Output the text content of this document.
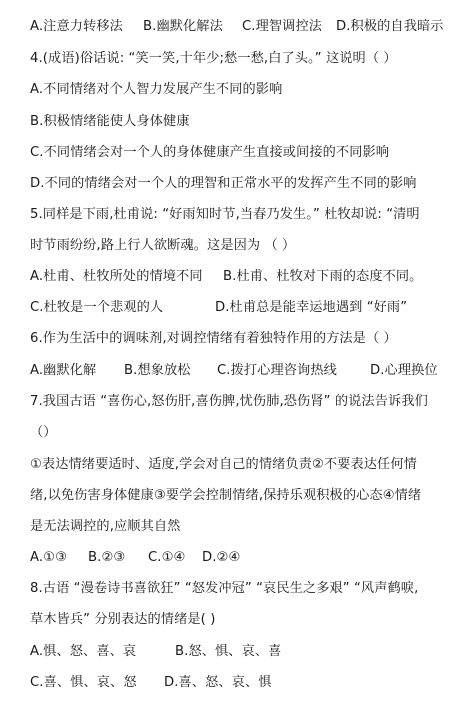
A.注意力转移法 B.幽默化解法 C.理智调控法 D.积极的自我暗示
4.(成语)俗话说: “笑一笑,十年少;愁一愁,白了头。” 这说明（ ）
A.不同情绪对个人智力发展产生不同的影响
B.积极情绪能使人身体健康
C.不同情绪会对一个人的身体健康产生直接或间接的不同影响
D.不同的情绪会对一个人的理智和正常水平的发挥产生不同的影响
5.同样是下雨,杜甫说: “好雨知时节,当春乃发生。” 杜牧却说: “清明
时节雨纷纷,路上行人欲断魂。这是因为 （ ）
A.杜甫、杜牧所处的情境不同 B.杜甫、杜牧对下雨的态度不同。
C.杜牧是一个悲观的人	D.杜甫总是能幸运地遇到 “好雨”
6.作为生活中的调味剂,对调控情绪有着独特作用的方法是（ ）
A.幽默化解 B.想象放松 C.拨打心理咨询热线	D.心理换位
7.我国古语 “喜伤心,怒伤肝,喜伤脾,忧伤肺,恐伤肾” 的说法告诉我们
（）
①表达情绪要适时、适度,学会对自己的情绪负责②不要表达任何情
绪,以免伤害身体健康③要学会控制情绪,保持乐观积极的心态④情绪
是无法调控的,应顺其自然
A.①③ B.②③ C.①④ D.②④
8.古语 “漫卷诗书喜欲狂” “怒发冲冠” “哀民生之多艰” “风声鹤唳,
草木皆兵” 分别表达的情绪是( )
A.惧、怒、喜、哀	B.怒、惧、哀、喜
C.喜、惧、哀、怒 D.喜、怒、哀、惧
